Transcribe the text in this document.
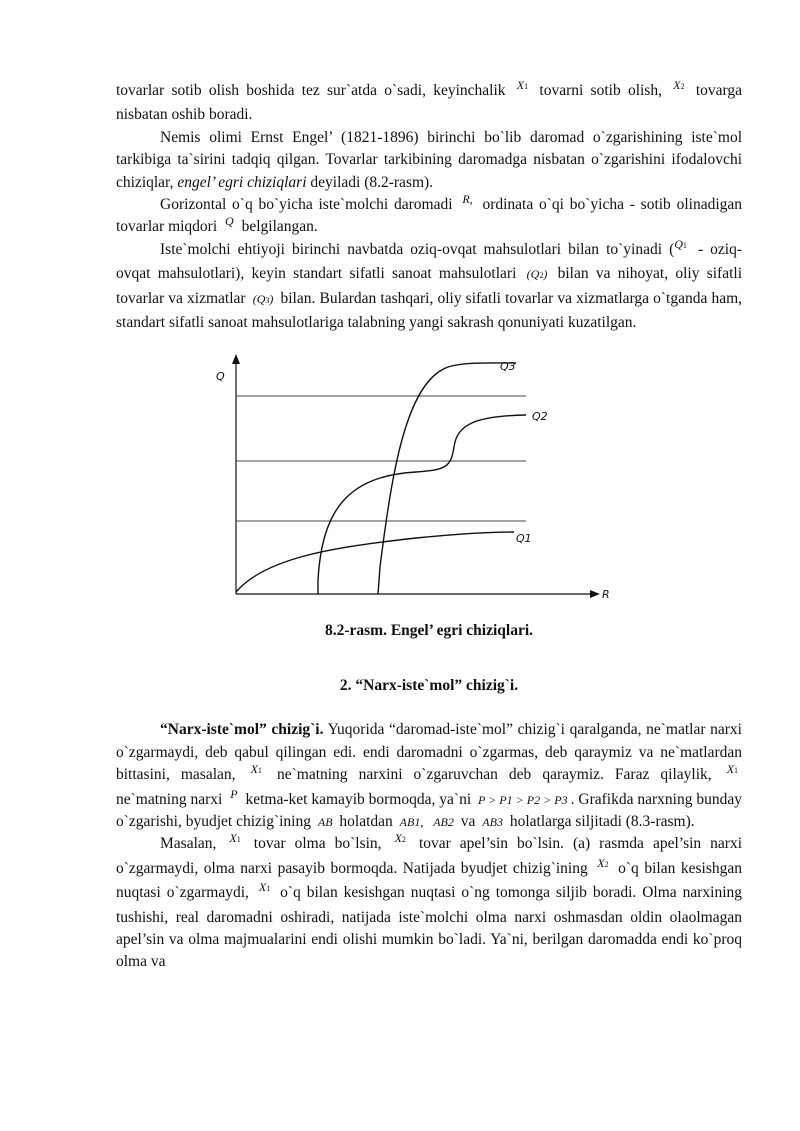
tovarlar sotib olish boshida tez sur`atda o`sadi, keyinchalik $^{X1}$ tovarni sotib olish, $^{X2}$ tovarga nisbatan oshib boradi.

Nemis olimi Ernst Engel’ (1821-1896) birinchi bo`lib daromad o`zgarishining iste`mol tarkibiga ta`sirini tadqiq qilgan. Tovarlar tarkibining daromadga nisbatan o`zgarishini ifodalovchi chiziqlar, engel’ egri chiziqlari deyiladi (8.2-rasm).

Gorizontal o`q bo`yicha iste`molchi daromadi $^{R,}$ ordinata o`qi bo`yicha - sotib olinadigan tovarlar miqdori $^Q$ belgilangan.

Iste`molchi ehtiyoji birinchi navbatda oziq-ovqat mahsulotlari bilan to`yinadi ($^{Q1}$ - oziq-ovqat mahsulotlari), keyin standart sifatli sanoat mahsulotlari (Q2) bilan va nihoyat, oliy sifatli tovarlar va xizmatlar (Q3) bilan. Bulardan tashqari, oliy sifatli tovarlar va xizmatlarga o`tganda ham, standart sifatli sanoat mahsulotlariga talabning yangi sakrash qonuniyati kuzatilgan.

Q
R
Q3
Q2
Q1

8.2-rasm. Engel’ egri chiziqlari.

2. “Narx-iste`mol” chizig`i.

“Narx-iste`mol” chizig`i. Yuqorida “daromad-iste`mol” chizig`i qaralganda, ne`matlar narxi o`zgarmaydi, deb qabul qilingan edi. endi daromadni o`zgarmas, deb qaraymiz va ne`matlardan bittasini, masalan, $^{X1}$ ne`matning narxini o`zgaruvchan deb qaraymiz. Faraz qilaylik, $^{X1}$ ne`matning narxi $^P$ ketma-ket kamayib bormoqda, ya`ni P > P1 > P2 > P3 . Grafikda narxning bunday o`zgarishi, byudjet chizig`ining AB holatdan AB1, AB2 va AB3 holatlarga siljitadi (8.3-rasm).

Masalan, $^{X1}$ tovar olma bo`lsin, $^{X2}$ tovar apel’sin bo`lsin. (a) rasmda apel’sin narxi o`zgarmaydi, olma narxi pasayib bormoqda. Natijada byudjet chizig`ining $^{X2}$ o`q bilan kesishgan nuqtasi o`zgarmaydi, $^{X1}$ o`q bilan kesishgan nuqtasi o`ng tomonga siljib boradi. Olma narxining tushishi, real daromadni oshiradi, natijada iste`molchi olma narxi oshmasdan oldin olaolmagan apel’sin va olma majmualarini endi olishi mumkin bo`ladi. Ya`ni, berilgan daromadda endi ko`proq olma va
